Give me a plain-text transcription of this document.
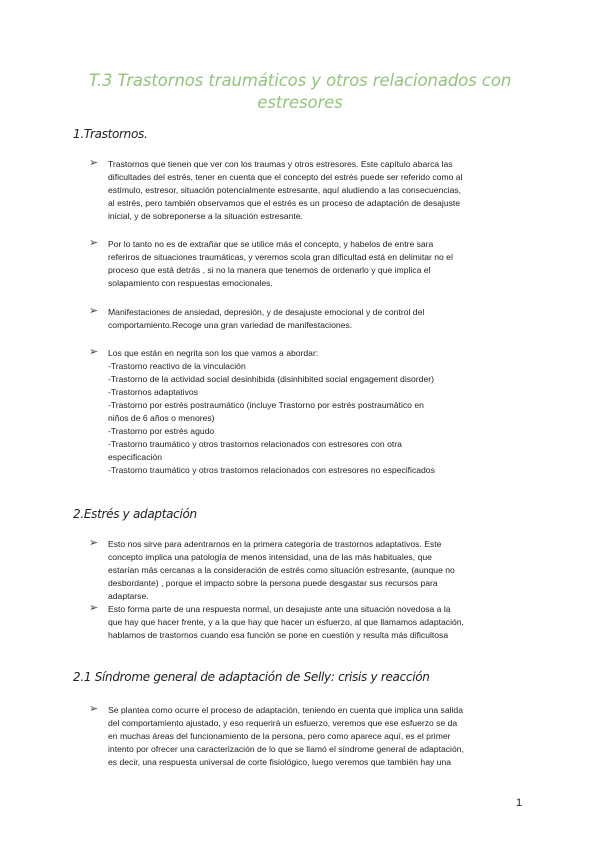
T.3 Trastornos traumáticos y otros relacionados con
estresores
1.Trastornos.
➢ Trastornos que tienen que ver con los traumas y otros estresores. Este capítulo abarca las
dificultades del estrés, tener en cuenta que el concepto del estrés puede ser referido como al
estímulo, estresor, situación potencialmente estresante, aquí aludiendo a las consecuencias,
al estrés, pero también observamos que el estrés es un proceso de adaptación de desajuste
inicial, y de sobreponerse a la situación estresante.
➢ Por lo tanto no es de extrañar que se utilice más el concepto, y habelos de entre sara
referiros de situaciones traumáticas, y veremos scola gran dificultad está en delimitar no el
proceso que está detrás , si no la manera que tenemos de ordenarlo y que implica el
solapamiento con respuestas emocionales.
➢ Manifestaciones de ansiedad, depresión, y de desajuste emocional y de control del
comportamiento.Recoge una gran variedad de manifestaciones.
➢ Los que están en negrita son los que vamos a abordar:
-Trastorno reactivo de la vinculación
-Trastorno de la actividad social desinhibida (disinhibited social engagement disorder)
-Trastornos adaptativos
-Trastorno por estrés postraumático (incluye Trastorno por estrés postraumático en
niños de 6 años o menores)
-Trastorno por estrés agudo
-Trastorno traumático y otros trastornos relacionados con estresores con otra
especificación
-Trastorno traumático y otros trastornos relacionados con estresores no especificados
2.Estrés y adaptación
➢ Esto nos sirve para adentrarnos en la primera categoría de trastornos adaptativos. Este
concepto implica una patología de menos intensidad, una de las más habituales, que
estarían más cercanas a la consideración de estrés como situación estresante, (aunque no
desbordante) , porque el impacto sobre la persona puede desgastar sus recursos para
adaptarse.
➢ Esto forma parte de una respuesta normal, un desajuste ante una situación novedosa a la
que hay que hacer frente, y a la que hay que hacer un esfuerzo, al que llamamos adaptación,
hablamos de trastornos cuando esa función se pone en cuestión y resulta más dificultosa
2.1 Síndrome general de adaptación de Selly: crisis y reacción
➢ Se plantea como ocurre el proceso de adaptación, teniendo en cuenta que implica una salida
del comportamiento ajustado, y eso requerirá un esfuerzo, veremos que ese esfuerzo se da
en muchas áreas del funcionamiento de la persona, pero como aparece aquí, es el primer
intento por ofrecer una caracterización de lo que se llamó el síndrome general de adaptación,
es decir, una respuesta universal de corte fisiológico, luego veremos que también hay una
1
